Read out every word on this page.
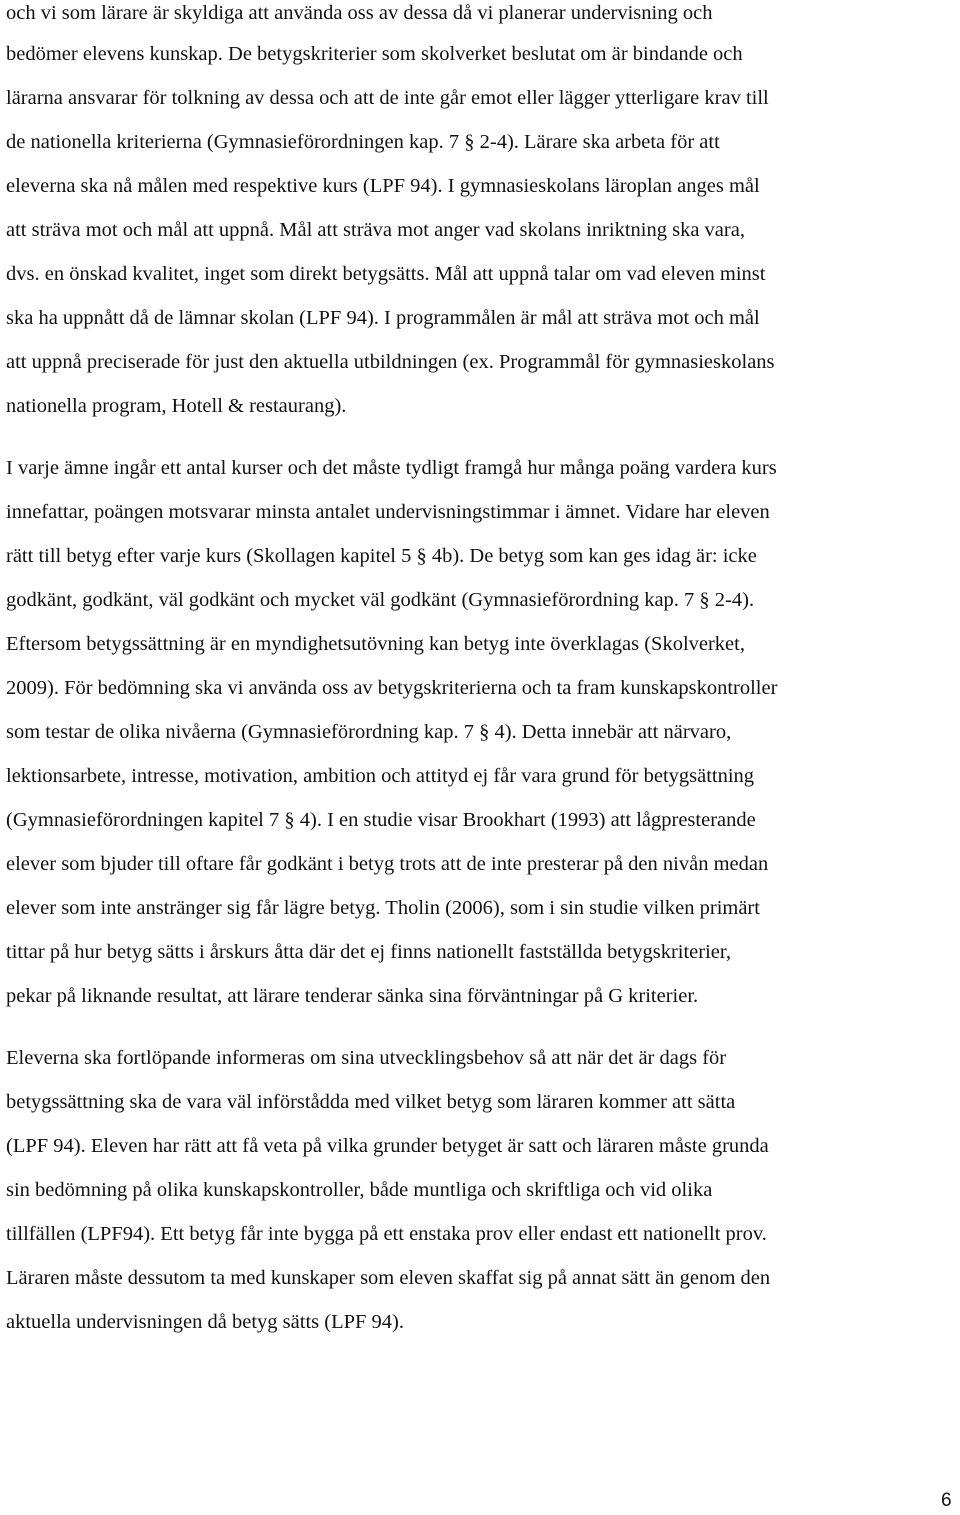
och vi som lärare är skyldiga att använda oss av dessa då vi planerar undervisning och
bedömer elevens kunskap. De betygskriterier som skolverket beslutat om är bindande och
lärarna ansvarar för tolkning av dessa och att de inte går emot eller lägger ytterligare krav till
de nationella kriterierna (Gymnasieförordningen kap. 7 § 2-4). Lärare ska arbeta för att
eleverna ska nå målen med respektive kurs (LPF 94). I gymnasieskolans läroplan anges mål
att sträva mot och mål att uppnå. Mål att sträva mot anger vad skolans inriktning ska vara,
dvs. en önskad kvalitet, inget som direkt betygsätts. Mål att uppnå talar om vad eleven minst
ska ha uppnått då de lämnar skolan (LPF 94). I programmålen är mål att sträva mot och mål
att uppnå preciserade för just den aktuella utbildningen (ex. Programmål för gymnasieskolans
nationella program, Hotell & restaurang).
I varje ämne ingår ett antal kurser och det måste tydligt framgå hur många poäng vardera kurs
innefattar, poängen motsvarar minsta antalet undervisningstimmar i ämnet. Vidare har eleven
rätt till betyg efter varje kurs (Skollagen kapitel 5 § 4b). De betyg som kan ges idag är: icke
godkänt, godkänt, väl godkänt och mycket väl godkänt (Gymnasieförordning kap. 7 § 2-4).
Eftersom betygssättning är en myndighetsutövning kan betyg inte överklagas (Skolverket,
2009). För bedömning ska vi använda oss av betygskriterierna och ta fram kunskapskontroller
som testar de olika nivåerna (Gymnasieförordning kap. 7 § 4). Detta innebär att närvaro,
lektionsarbete, intresse, motivation, ambition och attityd ej får vara grund för betygsättning
(Gymnasieförordningen kapitel 7 § 4). I en studie visar Brookhart (1993) att lågpresterande
elever som bjuder till oftare får godkänt i betyg trots att de inte presterar på den nivån medan
elever som inte anstränger sig får lägre betyg. Tholin (2006), som i sin studie vilken primärt
tittar på hur betyg sätts i årskurs åtta där det ej finns nationellt fastställda betygskriterier,
pekar på liknande resultat, att lärare tenderar sänka sina förväntningar på G kriterier.
Eleverna ska fortlöpande informeras om sina utvecklingsbehov så att när det är dags för
betygssättning ska de vara väl införstådda med vilket betyg som läraren kommer att sätta
(LPF 94). Eleven har rätt att få veta på vilka grunder betyget är satt och läraren måste grunda
sin bedömning på olika kunskapskontroller, både muntliga och skriftliga och vid olika
tillfällen (LPF94). Ett betyg får inte bygga på ett enstaka prov eller endast ett nationellt prov.
Läraren måste dessutom ta med kunskaper som eleven skaffat sig på annat sätt än genom den
aktuella undervisningen då betyg sätts (LPF 94).
6
